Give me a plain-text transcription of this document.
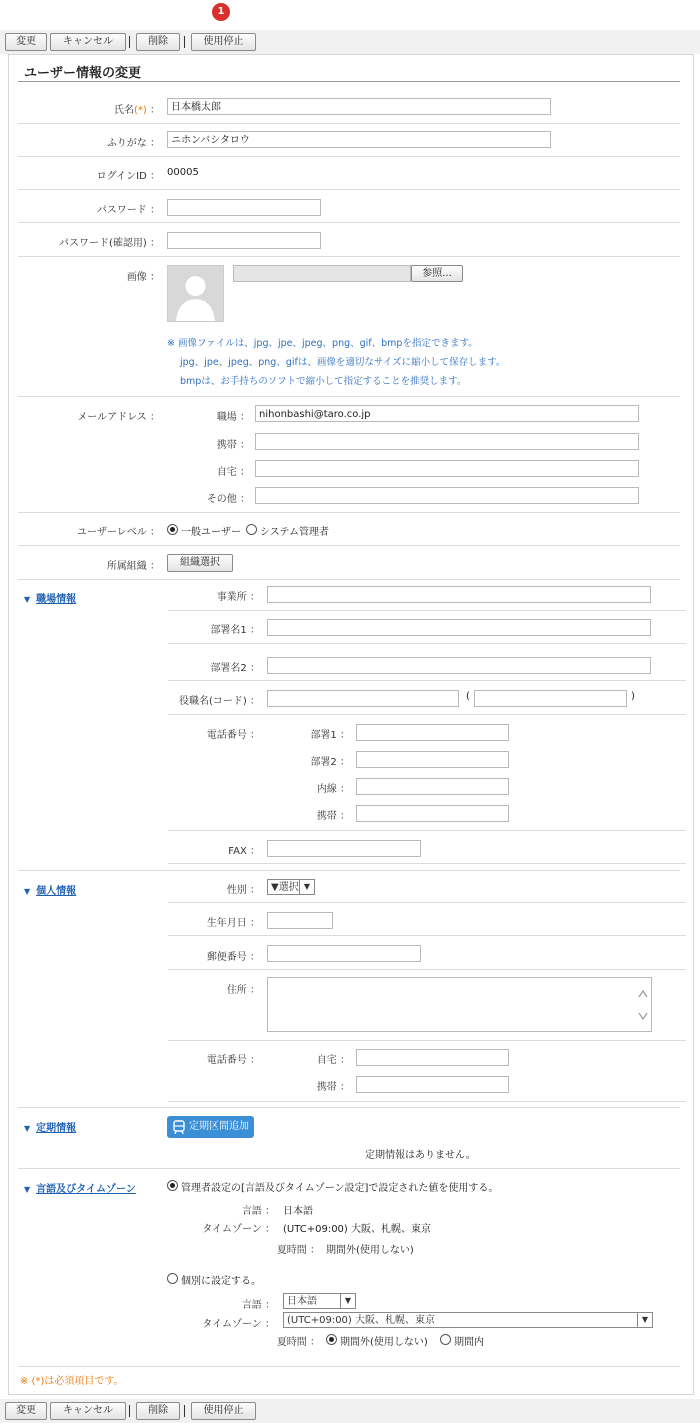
1
変更	キャンセル	削除	使用停止
ユーザー情報の変更
氏名(*) ：	日本橋太郎
ふりがな ：	ニホンバシタロウ
ログインID ： 00005
パスワード ：
パスワード(確認用) ：
画像 ：	参照...
※ 画像ファイルは、jpg、jpe、jpeg、png、gif、bmpを指定できます。
jpg、jpe、jpeg、png、gifは、画像を適切なサイズに縮小して保存します。
bmpは、お手持ちのソフトで縮小して指定することを推奨します。
メールアドレス ：	職場 ： nihonbashi@taro.co.jp
携帯 ：
自宅 ：
その他 ：
ユーザーレベル ： 一般ユーザー システム管理者
所属組織 ：	組織選択
▼ 職場情報	事業所 ：
部署名1 ：
部署名2 ：
役職名(コード) ：	(	)
電話番号 ：	部署1 ：
部署2 ：
内線 ：
携帯 ：
FAX ：
▼ 個人情報	性別 ：	▼選択 ▼
生年月日 ：
郵便番号 ：
住所 ：
電話番号 ：	自宅 ：
携帯 ：
▼ 定期情報	定期区間追加
定期情報はありません。
▼ 言語及びタイムゾーン	管理者設定の[言語及びタイムゾーン設定]で設定された値を使用する。
言語 ： 日本語
タイムゾーン ： (UTC+09:00) 大阪、札幌、東京
夏時間 ： 期間外(使用しない)
個別に設定する。
言語 ：	日本語	▼
タイムゾーン ：	(UTC+09:00) 大阪、札幌、東京	▼
夏時間 ： 期間外(使用しない)	期間内
※ (*)は必須項目です。
変更	キャンセル	削除	使用停止
